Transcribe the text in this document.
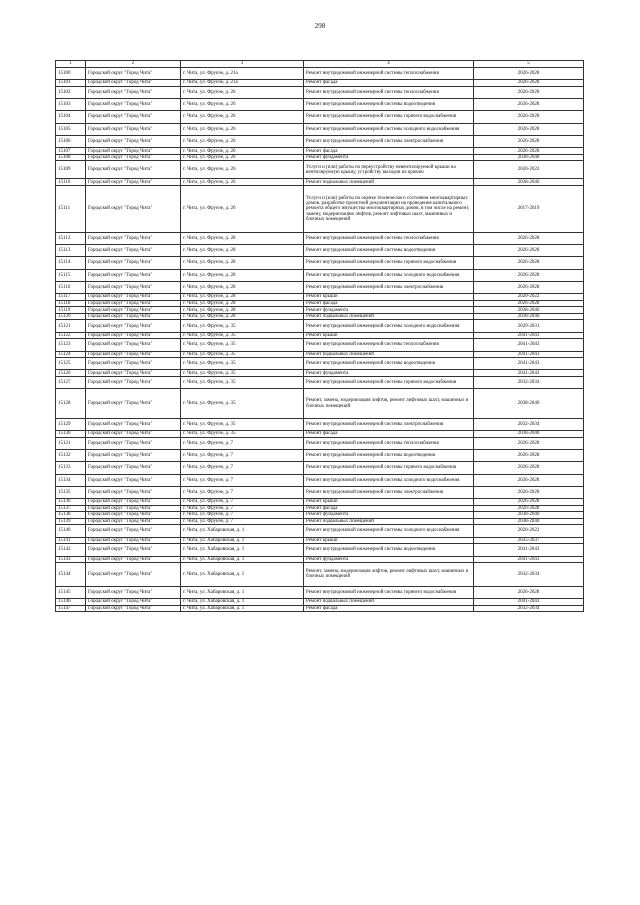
298
1	2	3	4	5
15100	Городской округ "Город Чита"	г. Чита, ул. Фрунзе, д. 21а	Ремонт внутридомовой инженерной системы теплоснабжения	2026-2028
15101	Городской округ "Город Чита"	г. Чита, ул. Фрунзе, д. 21а	Ремонт фасада	2026-2028
15102	Городской округ "Город Чита"	г. Чита, ул. Фрунзе, д. 26	Ремонт внутридомовой инженерной системы теплоснабжения	2026-2028
15103	Городской округ "Город Чита"	г. Чита, ул. Фрунзе, д. 26	Ремонт внутридомовой инженерной системы водоотведения	2026-2028
15104	Городской округ "Город Чита"	г. Чита, ул. Фрунзе, д. 26	Ремонт внутридомовой инженерной системы горячего водоснабжения	2026-2028
15105	Городской округ "Город Чита"	г. Чита, ул. Фрунзе, д. 26	Ремонт внутридомовой инженерной системы холодного водоснабжения	2026-2028
15106	Городской округ "Город Чита"	г. Чита, ул. Фрунзе, д. 26	Ремонт внутридомовой инженерной системы электроснабжения	2026-2028
15107	Городской округ "Город Чита"	г. Чита, ул. Фрунзе, д. 26	Ремонт фасада	2026-2028
15108	Городской округ "Город Чита"	г. Чита, ул. Фрунзе, д. 26	Ремонт фундамента	2038-2040
15109	Городской округ "Город Чита"	г. Чита, ул. Фрунзе, д. 26	Услуги и (или) работы по переустройству невентилируемой крыши на вентилируемую крышу, устройству выходов на кровлю	2020-2022
15110	Городской округ "Город Чита"	г. Чита, ул. Фрунзе, д. 26	Ремонт подвальных помещений	2038-2040
15111	Городской округ "Город Чита"	г. Чита, ул. Фрунзе, д. 26	Услуги и (или) работы по оценке технического состояния многоквартирных домов, разработке проектной документации на проведение капитального ремонта общего имущества многоквартирных домов, в том числе на ремонт, замену, модернизацию лифтов, ремонт лифтовых шахт, машинных и блочных помещений	2017-2019
15112	Городской округ "Город Чита"	г. Чита, ул. Фрунзе, д. 28	Ремонт внутридомовой инженерной системы теплоснабжения	2026-2028
15113	Городской округ "Город Чита"	г. Чита, ул. Фрунзе, д. 28	Ремонт внутридомовой инженерной системы водоотведения	2026-2028
15114	Городской округ "Город Чита"	г. Чита, ул. Фрунзе, д. 28	Ремонт внутридомовой инженерной системы горячего водоснабжения	2026-2028
15115	Городской округ "Город Чита"	г. Чита, ул. Фрунзе, д. 28	Ремонт внутридомовой инженерной системы холодного водоснабжения	2026-2028
15116	Городской округ "Город Чита"	г. Чита, ул. Фрунзе, д. 28	Ремонт внутридомовой инженерной системы электроснабжения	2026-2028
15117	Городской округ "Город Чита"	г. Чита, ул. Фрунзе, д. 28	Ремонт крыши	2020-2022
15118	Городской округ "Город Чита"	г. Чита, ул. Фрунзе, д. 28	Ремонт фасада	2026-2028
15119	Городской округ "Город Чита"	г. Чита, ул. Фрунзе, д. 28	Ремонт фундамента	2038-2040
15120	Городской округ "Город Чита"	г. Чита, ул. Фрунзе, д. 28	Ремонт подвальных помещений	2038-2040
15121	Городской округ "Город Чита"	г. Чита, ул. Фрунзе, д. 35	Ремонт внутридомовой инженерной системы холодного водоснабжения	2029-2031
15122	Городской округ "Город Чита"	г. Чита, ул. Фрунзе, д. 35	Ремонт крыши	2041-2043
15123	Городской округ "Город Чита"	г. Чита, ул. Фрунзе, д. 35	Ремонт внутридомовой инженерной системы теплоснабжения	2041-2043
15124	Городской округ "Город Чита"	г. Чита, ул. Фрунзе, д. 35	Ремонт подвальных помещений	2041-2043
15125	Городской округ "Город Чита"	г. Чита, ул. Фрунзе, д. 35	Ремонт внутридомовой инженерной системы водоотведения	2041-2043
15126	Городской округ "Город Чита"	г. Чита, ул. Фрунзе, д. 35	Ремонт фундамента	2041-2043
15127	Городской округ "Город Чита"	г. Чита, ул. Фрунзе, д. 35	Ремонт внутридомовой инженерной системы горячего водоснабжения	2032-2034
15128	Городской округ "Город Чита"	г. Чита, ул. Фрунзе, д. 35	Ремонт, замена, модернизация лифтов, ремонт лифтовых шахт, машинных и блочных помещений	2038-2040
15129	Городской округ "Город Чита"	г. Чита, ул. Фрунзе, д. 35	Ремонт внутридомовой инженерной системы электроснабжения	2032-2034
15130	Городской округ "Город Чита"	г. Чита, ул. Фрунзе, д. 35	Ремонт фасада	2038-2040
15131	Городской округ "Город Чита"	г. Чита, ул. Фрунзе, д. 7	Ремонт внутридомовой инженерной системы теплоснабжения	2026-2028
15132	Городской округ "Город Чита"	г. Чита, ул. Фрунзе, д. 7	Ремонт внутридомовой инженерной системы водоотведения	2026-2028
15133	Городской округ "Город Чита"	г. Чита, ул. Фрунзе, д. 7	Ремонт внутридомовой инженерной системы горячего водоснабжения	2026-2028
15134	Городской округ "Город Чита"	г. Чита, ул. Фрунзе, д. 7	Ремонт внутридомовой инженерной системы холодного водоснабжения	2026-2028
15135	Городской округ "Город Чита"	г. Чита, ул. Фрунзе, д. 7	Ремонт внутридомовой инженерной системы электроснабжения	2026-2028
15136	Городской округ "Город Чита"	г. Чита, ул. Фрунзе, д. 7	Ремонт крыши	2026-2028
15137	Городской округ "Город Чита"	г. Чита, ул. Фрунзе, д. 7	Ремонт фасада	2026-2028
15138	Городской округ "Город Чита"	г. Чита, ул. Фрунзе, д. 7	Ремонт фундамента	2038-2040
15139	Городской округ "Город Чита"	г. Чита, ул. Фрунзе, д. 7	Ремонт подвальных помещений	2038-2040
15140	Городской округ "Город Чита"	г. Чита, ул. Хабаровская, д. 1	Ремонт внутридомовой инженерной системы холодного водоснабжения	2020-2022
15141	Городской округ "Город Чита"	г. Чита, ул. Хабаровская, д. 1	Ремонт крыши	2035-2037
15142	Городской округ "Город Чита"	г. Чита, ул. Хабаровская, д. 1	Ремонт внутридомовой инженерной системы водоотведения	2041-2043
15143	Городской округ "Город Чита"	г. Чита, ул. Хабаровская, д. 1	Ремонт фундамента	2041-2043
15144	Городской округ "Город Чита"	г. Чита, ул. Хабаровская, д. 1	Ремонт, замена, модернизация лифтов, ремонт лифтовых шахт, машинных и блочных помещений	2032-2034
15145	Городской округ "Город Чита"	г. Чита, ул. Хабаровская, д. 1	Ремонт внутридомовой инженерной системы горячего водоснабжения	2026-2028
15146	Городской округ "Город Чита"	г. Чита, ул. Хабаровская, д. 1	Ремонт подвальных помещений	2041-2043
15147	Городской округ "Город Чита"	г. Чита, ул. Хабаровская, д. 1	Ремонт фасада	2032-2034
